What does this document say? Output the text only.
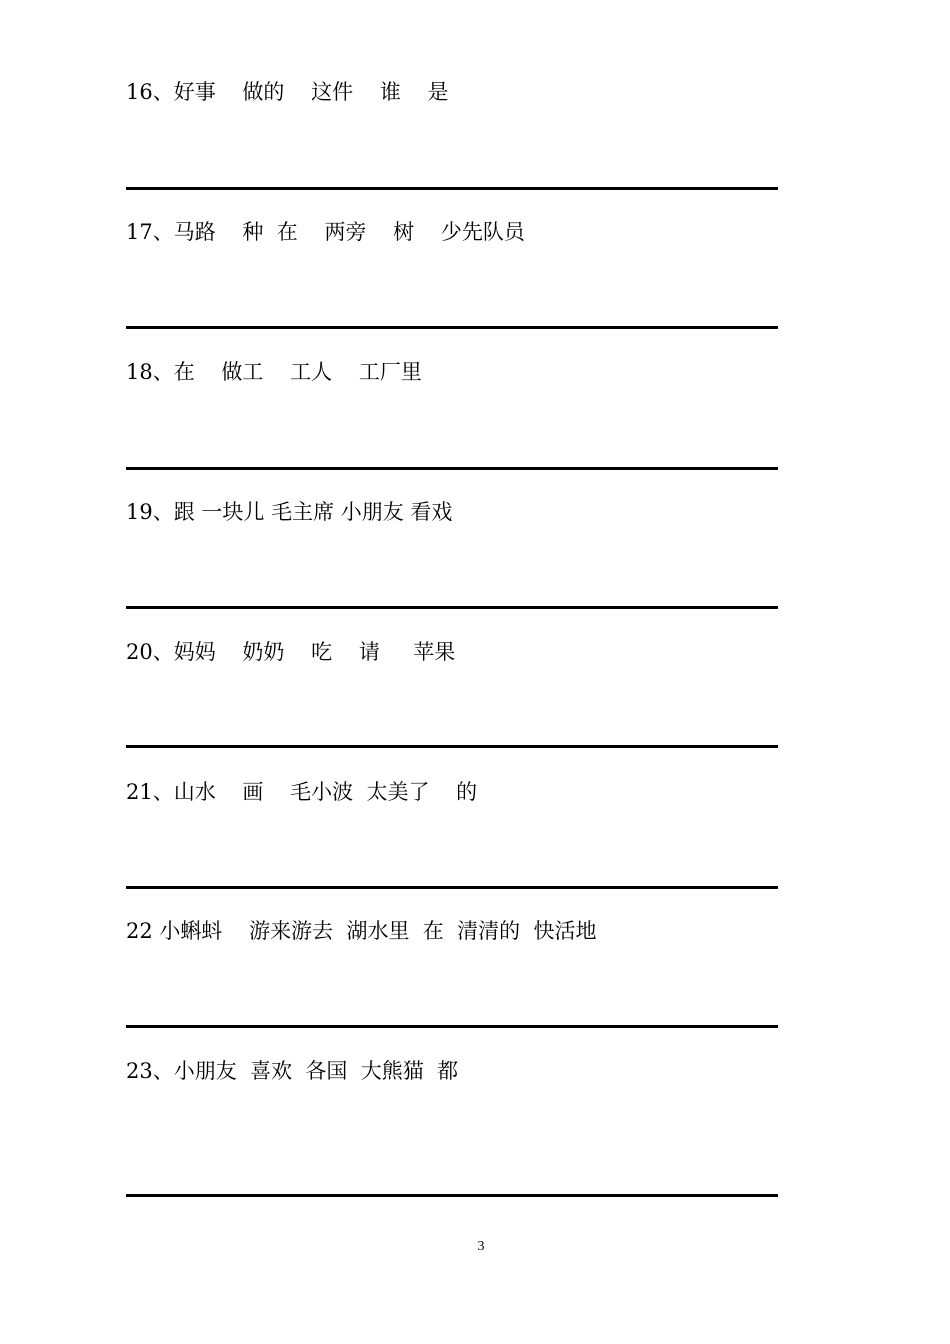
16、好事    做的    这件    谁    是
17、马路    种  在    两旁    树    少先队员
18、在    做工    工人    工厂里
19、跟 一块儿 毛主席 小朋友 看戏
20、妈妈    奶奶    吃    请     苹果
21、山水    画    毛小波  太美了    的
22 小蝌蚪    游来游去  湖水里  在  清清的  快活地
23、小朋友  喜欢  各国  大熊猫  都
3
